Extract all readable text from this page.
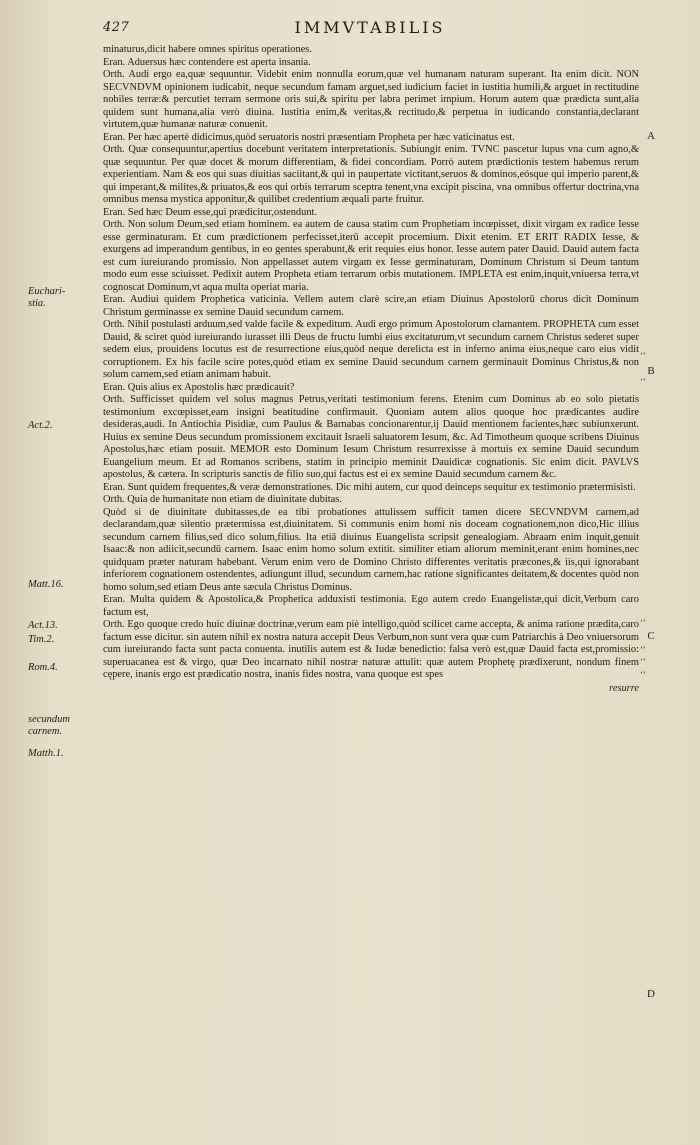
427	IMMVTABILIS

minaturus,dicit habere omnes spiritus operationes.

Eran. Aduersus hæc contendere est aperta insania.

Orth. Audi ergo ea,quæ sequuntur. Videbit enim nonnulla eorum,quæ vel humanam naturam superant. Ita enim dicit. NON SECVNDVM opinionem iudicabit, neque secundum famam arguet,sed iudicium faciet in iustitia humili,& arguet in rectitudine nobiles terræ:& percutiet terram sermone oris sui,& spiritu per labra perimet impium. Horum autem quæ prædicta sunt,alia quidem sunt humana,alia verò diuina. Iustitia enim,& veritas,& rectitudo,& perpetua in iudicando constantia,declarant virtutem,quæ humanæ naturæ conuenit.

Eran. Per hæc apertè didicimus,quòd seruatoris nostri præsentiam Propheta per hæc vaticinatus est.

Orth. Quæ consequuntur,apertius docebunt veritatem interpretationis. Subiungit enim. TVNC pascetur lupus vna cum agno,& quæ sequuntur. Per quæ docet & morum differentiam, & fidei concordiam. Porrò autem prædictionis testem habemus rerum experientiam. Nam & eos qui suas diuitias saciitant,& qui in paupertate victitant,seruos & dominos,eósque qui imperio parent,& qui imperant,& milites,& priuatos,& eos qui orbis terrarum sceptra tenent,vna excipit piscina, vna omnibus offertur doctrina,vna omnibus mensa mystica apponitur,& quilibet credentium æquali parte fruitur.

Eran. Sed hæc Deum esse,qui prædicitur,ostendunt.

Orth. Non solum Deum,sed etiam hominem. ea autem de causa statim cum Prophetiam incœpisset, dixit virgam ex radice Iesse esse germinaturam. Et cum prædictionem perfecisset,iterū accepit procemium. Dixit etenim. ET ERIT RADIX Iesse, & exurgens ad imperandum gentibus, in eo gentes sperabunt,& erit requies eius honor. Iesse autem pater Dauid. Dauid autem facta est cum iureiurando promissio. Non appellasset autem virgam ex Iesse germinaturam, Dominum Christum si Deum tantum modo eum esse sciuisset. Pedixit autem Propheta etiam terrarum orbis mutationem. IMPLETA est enim,inquit,vniuersa terra,vt cognoscat Dominum,vt aqua multa operiat maria.

Eran. Audiui quidem Prophetica vaticinia. Vellem autem clarè scire,an etiam Diuinus Apostolorū chorus dicit Dominum Christum germinasse ex semine Dauid secundum carnem.

Orth. Nihil postulasti arduum,sed valde facile & expeditum. Audi ergo primum Apostolorum clamantem. PROPHETA cum esset Dauid, & sciret quòd iureiurando iurasset illi Deus de fructu lumbi eius excitaturum,vt secundum carnem Christus sederet super sedem eius, prouidens locutus est de resurrectione eius,quòd neque derelicta est in inferno anima eius,neque caro eius vidit corruptionem. Ex his facile scire potes,quòd etiam ex semine Dauid secundum carnem germinauit Dominus Christus,& non solum carnem,sed etiam animam habuit.

Eran. Quis alius ex Apostolis hæc prædicauit?

Orth. Sufficisset quidem vel solus magnus Petrus,veritati testimonium ferens. Etenim cum Dominus ab eo solo pietatis testimonium excœpisset,eam insigni beatitudine confirmauit. Quoniam autem alios quoque hoc prædicantes audire desideras,audi. In Antiochia Pisidiæ, cum Paulus & Barnabas concionarentur,ij Dauid mentionem facientes,hæc subiunxerunt. Huius ex semine Deus secundum promissionem excitauit Israeli saluatorem Iesum, &c. Ad Timotheum quoque scribens Diuinus Apostolus,hæc etiam posuit. MEMOR esto Dominum Iesum Christum resurrexisse à mortuis ex semine Dauid secundum Euangelium meum. Et ad Romanos scribens, statim in principio meminit Dauidicæ cognationis. Sic enim dicit. PAVLVS apostolus, & cætera. In scripturis sanctis de filio suo,qui factus est ei ex semine Dauid secundum carnem &c.

Eran. Sunt quidem frequentes,& veræ demonstrationes. Dic mihi autem, cur quod deinceps sequitur ex testimonio prætermisisti.

Orth. Quia de humanitate non etiam de diuinitate dubitas.

Quòd si de diuinitate dubitasses,de ea tibi probationes attulissem sufficit tamen dicere SECVNDVM carnem,ad declarandam,quæ silentio prætermissa est,diuinitatem. Si communis enim homi nis doceam cognationem,non dico,Hic illius secundum carnem filius,sed dico solum,filius. Ita etiā diuinus Euangelista scripsit genealogiam. Abraam enim inquit,genuit Isaac:& non adiicit,secundū carnem. Isaac enim homo solum extitit. similiter etiam aliorum meminit,erant enim homines,nec quidquam præter naturam habebant. Verum enim vero de Domino Christo differentes veritatis præcones,& iis,qui ignorabant inferiorem cognationem ostendentes, adiungunt illud, secundum carnem,hac ratione significantes deitatem,& docentes quòd non homo solum,sed etiam Deus ante sæcula Christus Dominus.

Eran. Multa quidem & Apostolica,& Prophetica adduxisti testimonia. Ego autem credo Euangelistæ,qui dicit,Verbum caro factum est,

Orth. Ego quoque credo huic diuinæ doctrinæ,verum eam piè intelligo,quòd scilicet carne accepta, & anima ratione prædita,caro factum esse dicitur. sin autem nihil ex nostra natura accepit Deus Verbum,non sunt vera quæ cum Patriarchis à Deo vniuersorum cum iureiurando facta sunt pacta conuenta. inutilis autem est & Iudæ benedictio: falsa verò est,quæ Dauid facta est,promissio: superuacanea est & virgo, quæ Deo incarnato nihil nostræ naturæ attulit: quæ autem Prophetę prædixerunt, nondum finem cępere, inanis ergo est prædicatio nostra, inanis fides nostra, vana quoque est spes

resurre

Euchari-
stia.
Act.2.
Matt.16.
Act.13.
Tim.2.
Rom.4.
secundum
carnem.
Matth.1.
A
B
C
D
‘‘
‘‘
‘‘
‘‘
‘‘
‘‘
